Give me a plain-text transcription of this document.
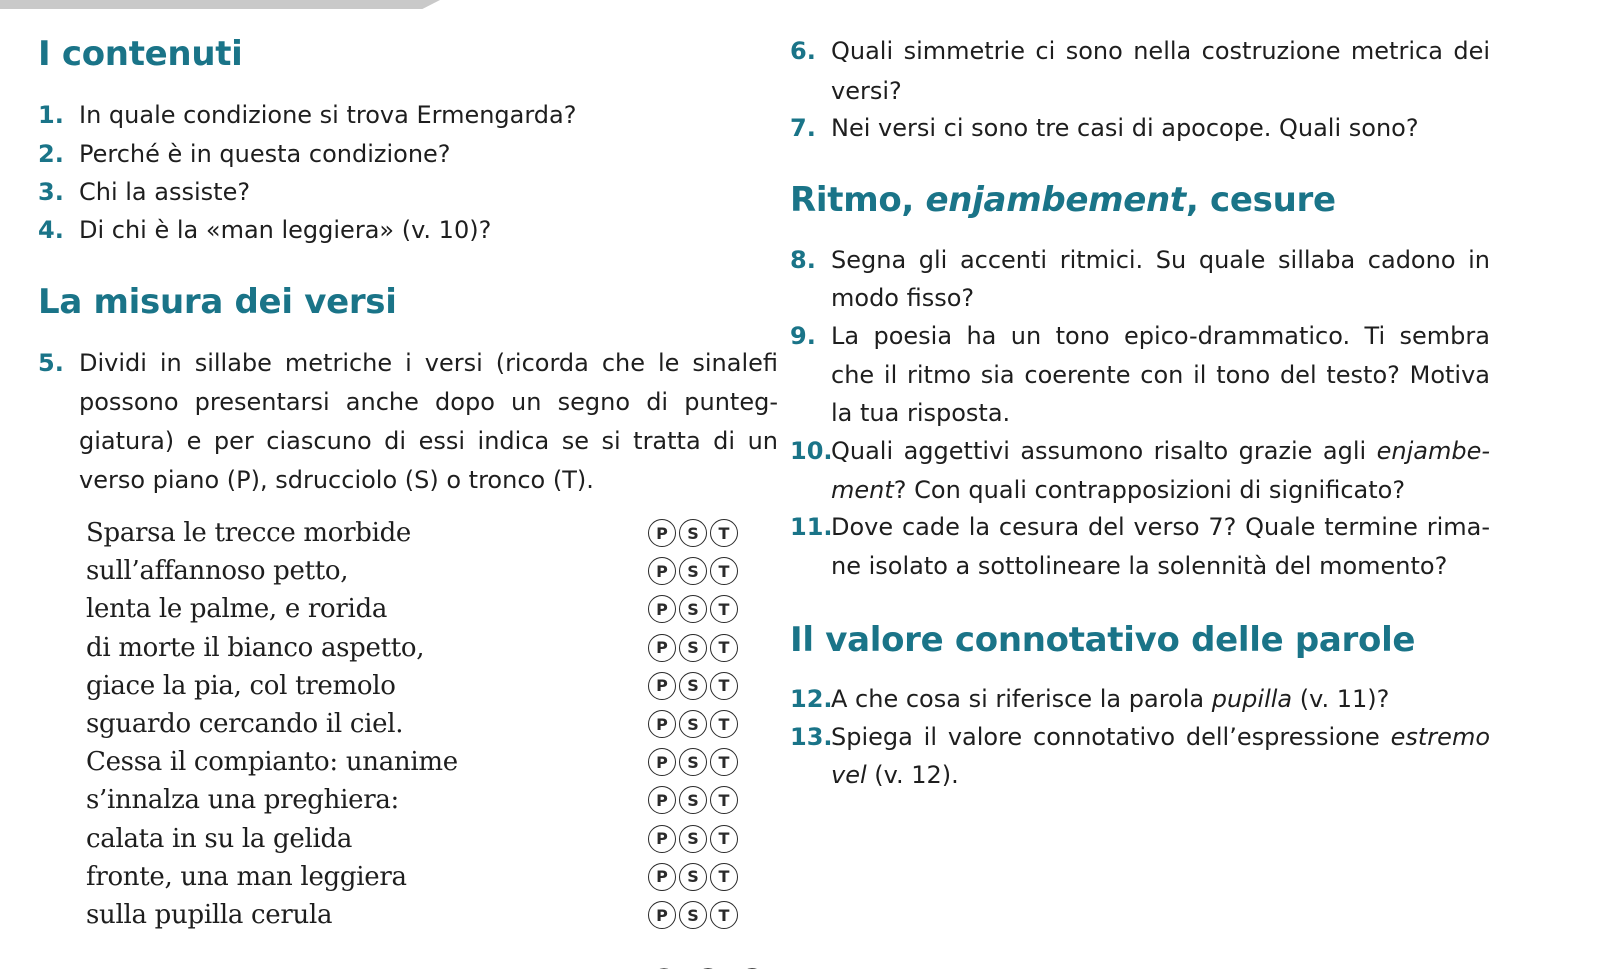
I contenuti
1. In quale condizione si trova Ermengarda?
2. Perché è in questa condizione?
3. Chi la assiste?
4. Di chi è la «man leggiera» (v. 10)?
La misura dei versi
5. Dividi in sillabe metriche i versi (ricorda che le sinalefi possono presentarsi anche dopo un segno di punteg-giatura) e per ciascuno di essi indica se si tratta di un verso piano (P), sdrucciolo (S) o tronco (T).
Sparsa le trecce morbide	P	S	T
sull’affannoso petto,	P	S	T
lenta le palme, e rorida	P	S	T
di morte il bianco aspetto,	P	S	T
giace la pia, col tremolo	P	S	T
sguardo cercando il ciel.	P	S	T
Cessa il compianto: unanime	P	S	T
s’innalza una preghiera:	P	S	T
calata in su la gelida	P	S	T
fronte, una man leggiera	P	S	T
sulla pupilla cerula	P	S	T
6. Quali simmetrie ci sono nella costruzione metrica dei versi?
7. Nei versi ci sono tre casi di apocope. Quali sono?
Ritmo, enjambement, cesure
8. Segna gli accenti ritmici. Su quale sillaba cadono in modo fisso?
9. La poesia ha un tono epico-drammatico. Ti sembra che il ritmo sia coerente con il tono del testo? Motiva la tua risposta.
10.
Quali aggettivi assumono risalto grazie agli enjambe-ment? Con quali contrapposizioni di significato?
11.
Dove cade la cesura del verso 7? Quale termine rima-ne isolato a sottolineare la solennità del momento?
Il valore connotativo delle parole
12.
A che cosa si riferisce la parola pupilla (v. 11)?
13.
Spiega il valore connotativo dell’espressione estremo vel (v. 12).
